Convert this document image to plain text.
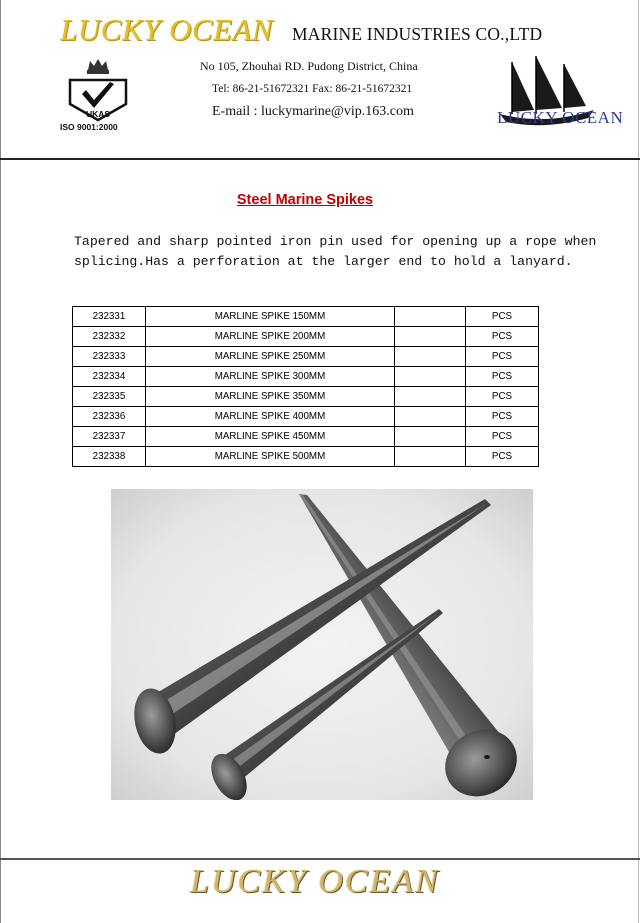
LUCKY OCEAN MARINE INDUSTRIES CO.,LTD
UKAS
ISO 9001:2000
No 105, Zhouhai RD. Pudong District, China
Tel: 86-21-51672321 Fax: 86-21-51672321
E-mail : luckymarine@vip.163.com	LUCKY OCEAN
Steel Marine Spikes
Tapered and sharp pointed iron pin used for opening up a rope when splicing.Has a perforation at the larger end to hold a lanyard.
232331	MARLINE SPIKE 150MM		PCS
232332	MARLINE SPIKE 200MM		PCS
232333	MARLINE SPIKE 250MM		PCS
232334	MARLINE SPIKE 300MM		PCS
232335	MARLINE SPIKE 350MM		PCS
232336	MARLINE SPIKE 400MM		PCS
232337	MARLINE SPIKE 450MM		PCS
232338	MARLINE SPIKE 500MM		PCS
LUCKY OCEAN
